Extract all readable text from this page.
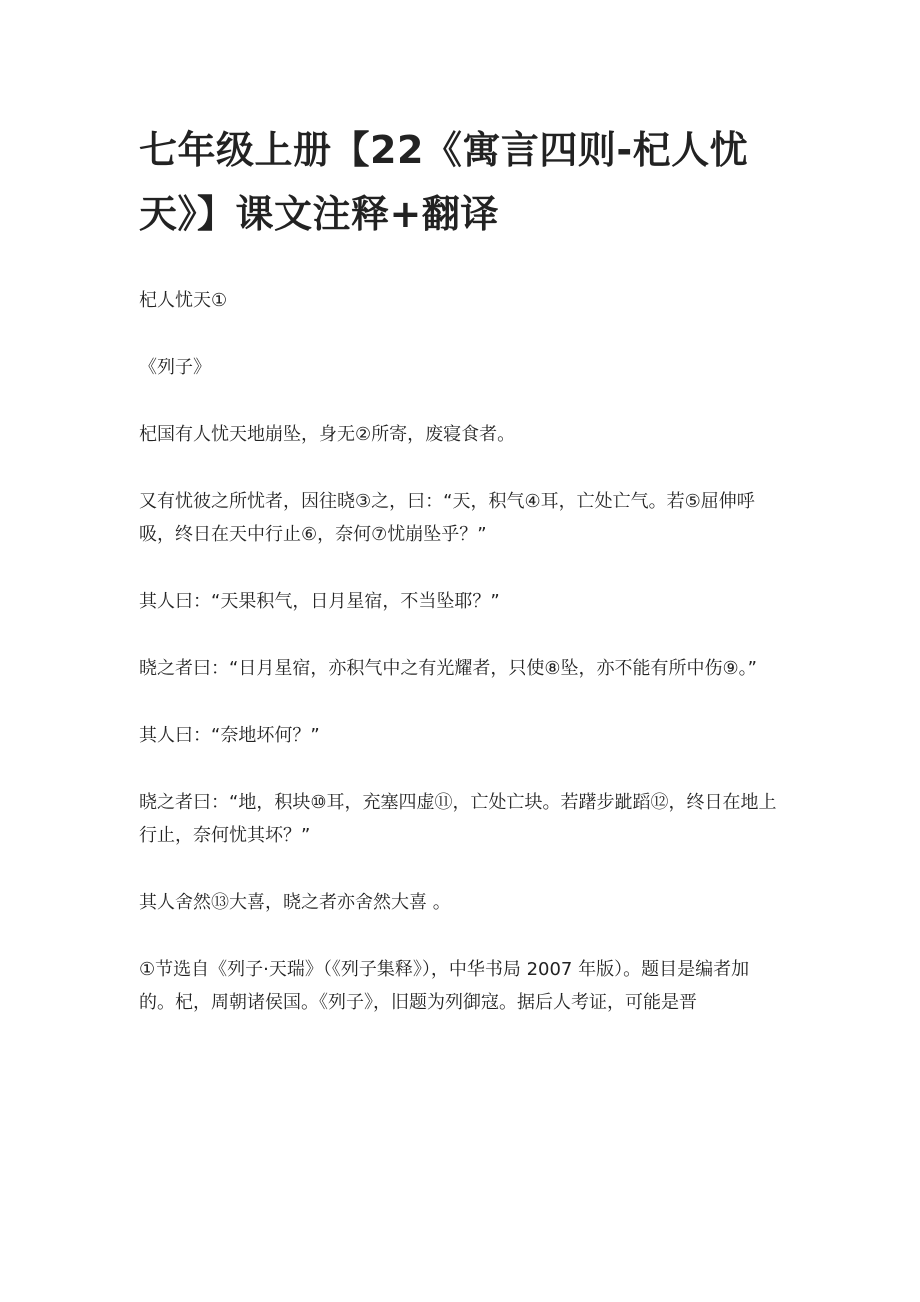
七年级上册【22《寓言四则-杞人忧天》】课文注释+翻译

杞人忧天①

《列子》

杞国有人忧天地崩坠，身无②所寄，废寝食者。

又有忧彼之所忧者，因往晓③之，曰：“天，积气④耳，亡处亡气。若⑤屈伸呼吸，终日在天中行止⑥，奈何⑦忧崩坠乎？”

其人曰：“天果积气，日月星宿，不当坠耶？”

晓之者曰：“日月星宿，亦积气中之有光耀者，只使⑧坠，亦不能有所中伤⑨。”

其人曰：“奈地坏何？”

晓之者曰：“地，积块⑩耳，充塞四虚⑪，亡处亡块。若躇步跐蹈⑫，终日在地上行止，奈何忧其坏？”

其人舍然⑬大喜，晓之者亦舍然大喜 。

①节选自《列子·天瑞》（《列子集释》），中华书局 2007 年版）。题目是编者加的。杞，周朝诸侯国。《列子》，旧题为列御寇。据后人考证，可能是晋
